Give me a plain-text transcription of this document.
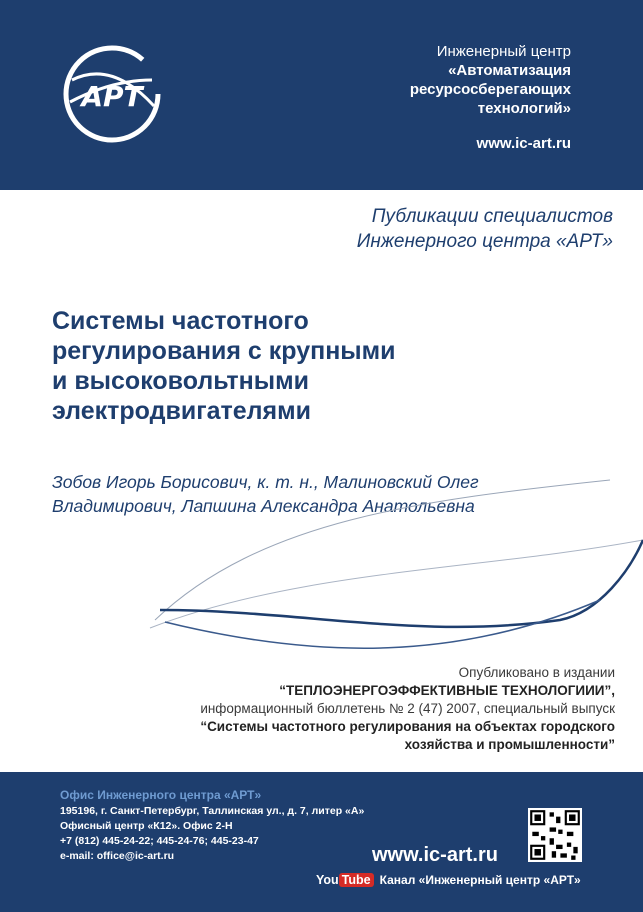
АРТ
Инженерный центр
«Автоматизация
ресурсосберегающих
технологий»
www.ic-art.ru
Публикации специалистов
Инженерного центра «АРТ»
Системы частотного
регулирования с крупными
и высоковольтными
электродвигателями
Зобов Игорь Борисович, к. т. н., Малиновский Олег
Владимирович, Лапшина Александра Анатольевна
Опубликовано в издании
“ТЕПЛОЭНЕРГОЭФФЕКТИВНЫЕ ТЕХНОЛОГИИИ”,
информационный бюллетень № 2 (47) 2007, специальный выпуск
“Системы частотного регулирования на объектах городского
хозяйства и промышленности”
Офис Инженерного центра «АРТ»
195196, г. Санкт-Петербург, Таллинская ул., д. 7, литер «А»
Офисный центр «К12». Офис 2-Н
+7 (812) 445-24-22; 445-24-76; 445-23-47
e-mail: office@ic-art.ru	www.ic-art.ru
You Tube Канал «Инженерный центр «АРТ»
